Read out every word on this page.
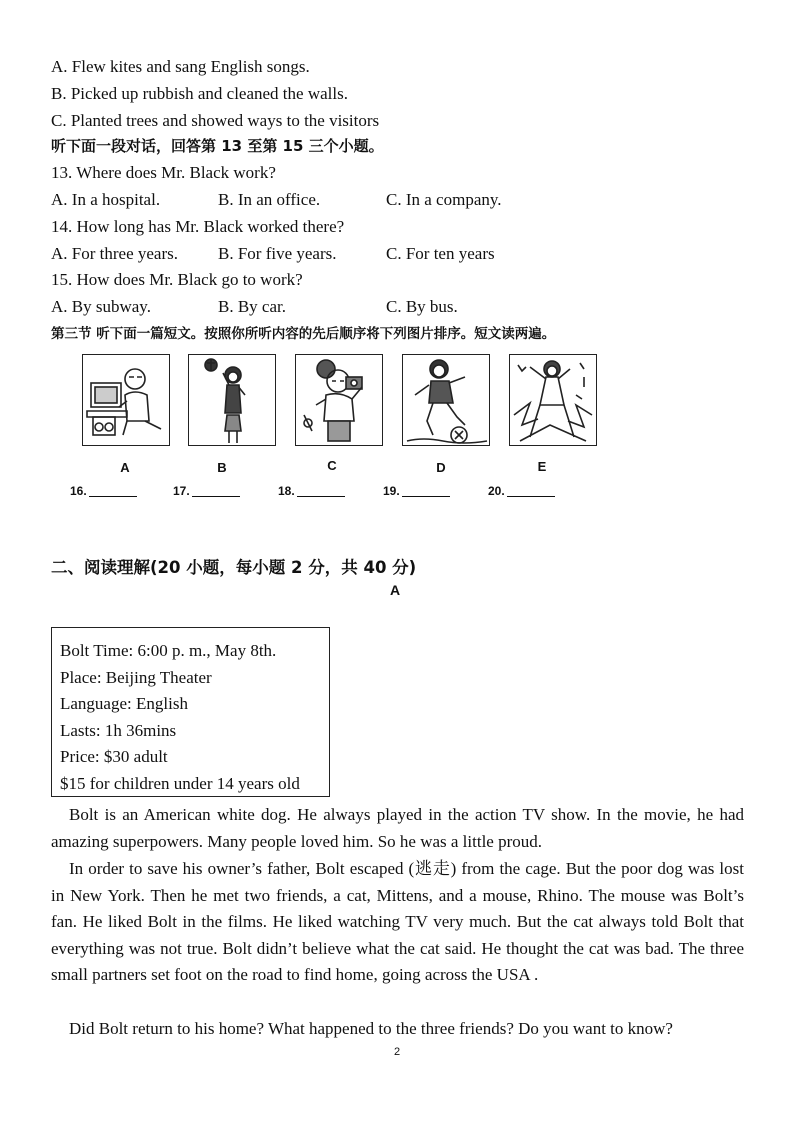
A. Flew kites and sang English songs.
B. Picked up rubbish and cleaned the walls.
C. Planted trees and showed ways to the visitors
听下面一段对话，回答第 13 至第 15 三个小题。
13. Where does Mr. Black work?
A. In a hospital.	B. In an office.	C. In a company.
14. How long has Mr. Black worked there?
A. For three years. B. For five years.	C. For ten years
15. How does Mr. Black go to work?
A. By subway.	B. By car.	C. By bus.
第三节 听下面一篇短文。按照你所听内容的先后顺序将下列图片排序。短文读两遍。
A	B	C	D	E
16.	17.	18.	19.	20.
二、阅读理解(20 小题，每小题 2 分，共 40 分)
A
Bolt Time: 6:00 p. m., May 8th.
Place: Beijing Theater
Language: English
Lasts: 1h 36mins
Price: $30 adult
$15 for children under 14 years old
Bolt is an American white dog. He always played in the action TV show. In the movie, he had amazing superpowers. Many people loved him. So he was a little proud.
In order to save his owner’s father, Bolt escaped (逃走) from the cage. But the poor dog was lost in New York. Then he met two friends, a cat, Mittens, and a mouse, Rhino. The mouse was Bolt’s fan. He liked Bolt in the films. He liked watching TV very much. But the cat always told Bolt that everything was not true. Bolt didn’t believe what the cat said. He thought the cat was bad. The three small partners set foot on the road to find home, going across the USA .
Did Bolt return to his home? What happened to the three friends? Do you want to know?
2
